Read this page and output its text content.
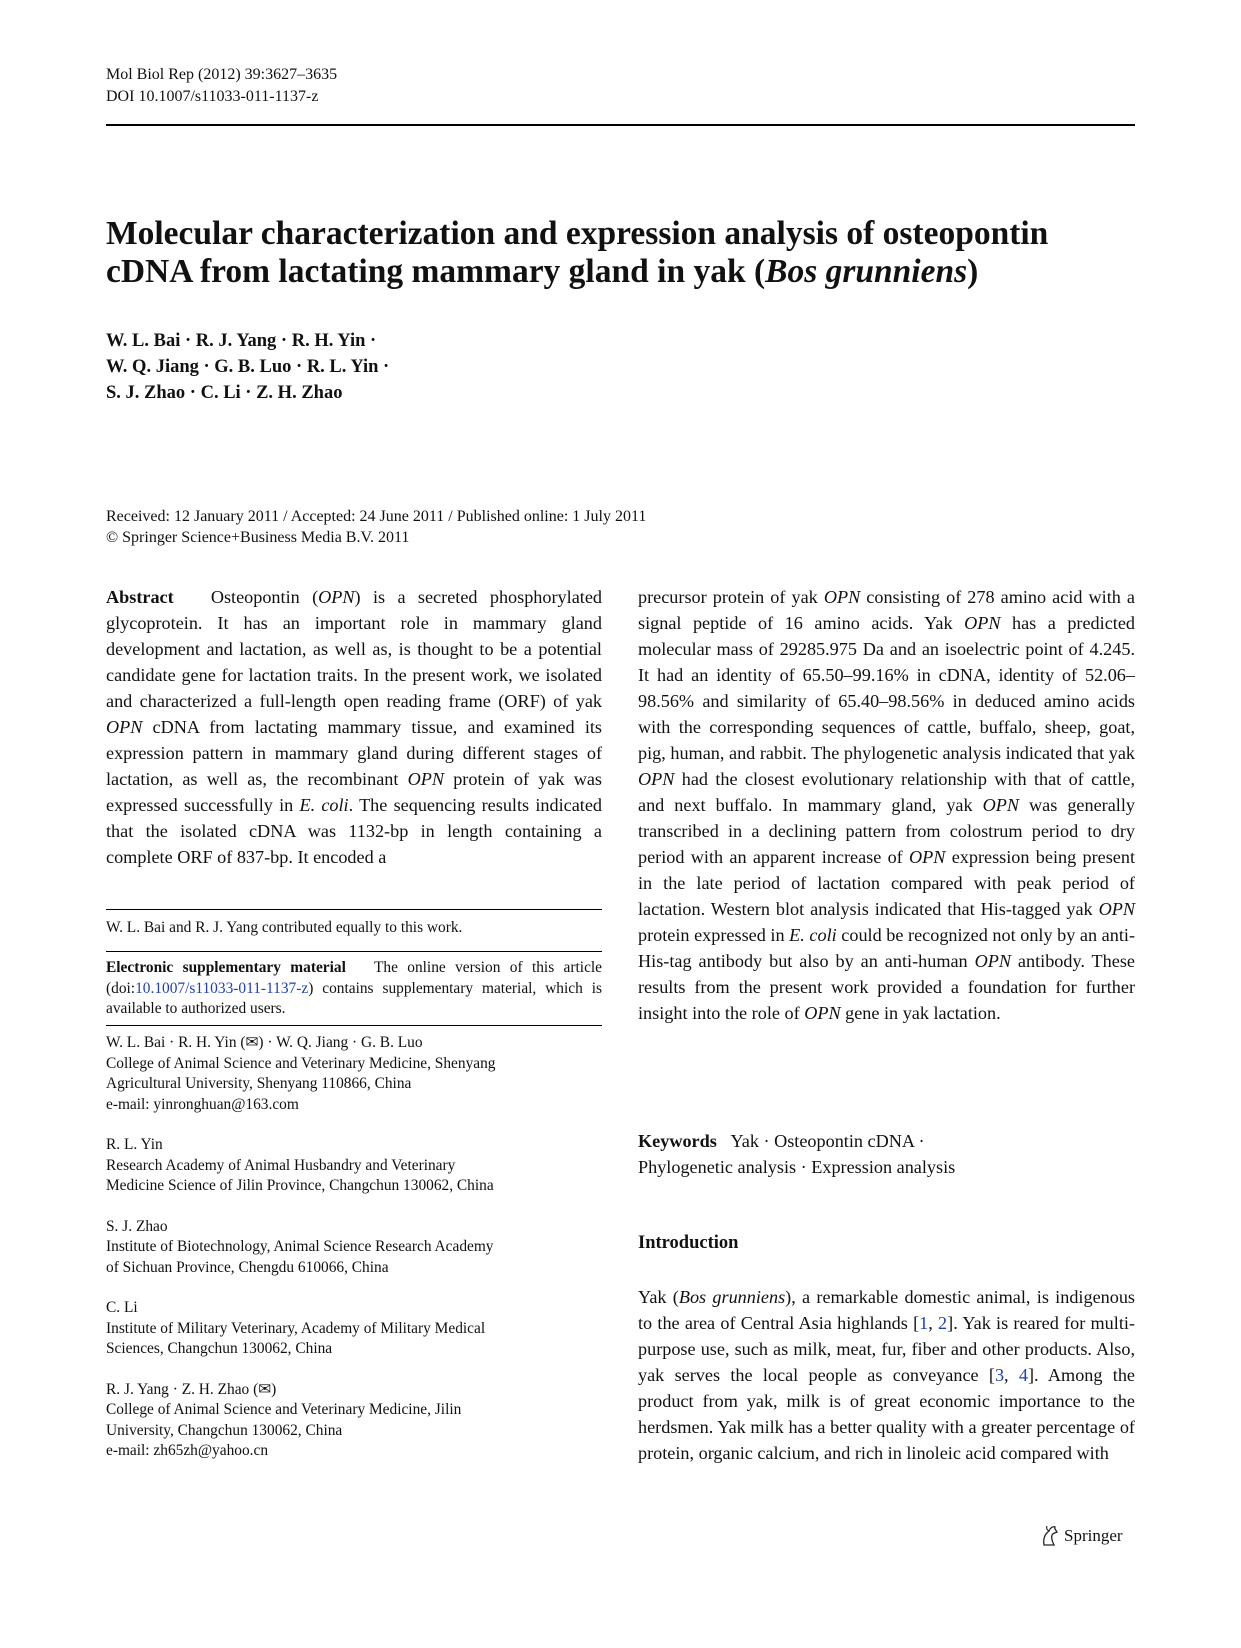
Mol Biol Rep (2012) 39:3627–3635
DOI 10.1007/s11033-011-1137-z
Molecular characterization and expression analysis of osteopontin
cDNA from lactating mammary gland in yak (Bos grunniens)
W. L. Bai · R. J. Yang · R. H. Yin ·
W. Q. Jiang · G. B. Luo · R. L. Yin ·
S. J. Zhao · C. Li · Z. H. Zhao
Received: 12 January 2011 / Accepted: 24 June 2011 / Published online: 1 July 2011
© Springer Science+Business Media B.V. 2011

Abstract Osteopontin (OPN) is a secreted phosphorylated glycoprotein. It has an important role in mammary gland development and lactation, as well as, is thought to be a potential candidate gene for lactation traits. In the present work, we isolated and characterized a full-length open reading frame (ORF) of yak OPN cDNA from lactating mammary tissue, and examined its expression pattern in mammary gland during different stages of lactation, as well as, the recombinant OPN protein of yak was expressed successfully in E. coli. The sequencing results indicated that the isolated cDNA was 1132-bp in length containing a complete ORF of 837-bp. It encoded a

W. L. Bai and R. J. Yang contributed equally to this work.
Electronic supplementary material The online version of this article (doi:10.1007/s11033-011-1137-z) contains supplementary material, which is available to authorized users.
W. L. Bai · R. H. Yin (✉) · W. Q. Jiang · G. B. Luo
College of Animal Science and Veterinary Medicine, Shenyang
Agricultural University, Shenyang 110866, China
e-mail: yinronghuan@163.com
R. L. Yin
Research Academy of Animal Husbandry and Veterinary
Medicine Science of Jilin Province, Changchun 130062, China
S. J. Zhao
Institute of Biotechnology, Animal Science Research Academy
of Sichuan Province, Chengdu 610066, China
C. Li
Institute of Military Veterinary, Academy of Military Medical
Sciences, Changchun 130062, China
R. J. Yang · Z. H. Zhao (✉)
College of Animal Science and Veterinary Medicine, Jilin
University, Changchun 130062, China
e-mail: zh65zh@yahoo.cn

precursor protein of yak OPN consisting of 278 amino acid with a signal peptide of 16 amino acids. Yak OPN has a predicted molecular mass of 29285.975 Da and an isoelectric point of 4.245. It had an identity of 65.50–99.16% in cDNA, identity of 52.06–98.56% and similarity of 65.40–98.56% in deduced amino acids with the corresponding sequences of cattle, buffalo, sheep, goat, pig, human, and rabbit. The phylogenetic analysis indicated that yak OPN had the closest evolutionary relationship with that of cattle, and next buffalo. In mammary gland, yak OPN was generally transcribed in a declining pattern from colostrum period to dry period with an apparent increase of OPN expression being present in the late period of lactation compared with peak period of lactation. Western blot analysis indicated that His-tagged yak OPN protein expressed in E. coli could be recognized not only by an anti-His-tag antibody but also by an anti-human OPN antibody. These results from the present work provided a foundation for further insight into the role of OPN gene in yak lactation.

Keywords Yak · Osteopontin cDNA ·
Phylogenetic analysis · Expression analysis
Introduction
Yak (Bos grunniens), a remarkable domestic animal, is indigenous to the area of Central Asia highlands [1, 2]. Yak is reared for multi-purpose use, such as milk, meat, fur, fiber and other products. Also, yak serves the local people as conveyance [3, 4]. Among the product from yak, milk is of great economic importance to the herdsmen. Yak milk has a better quality with a greater percentage of protein, organic calcium, and rich in linoleic acid compared with
Springer
